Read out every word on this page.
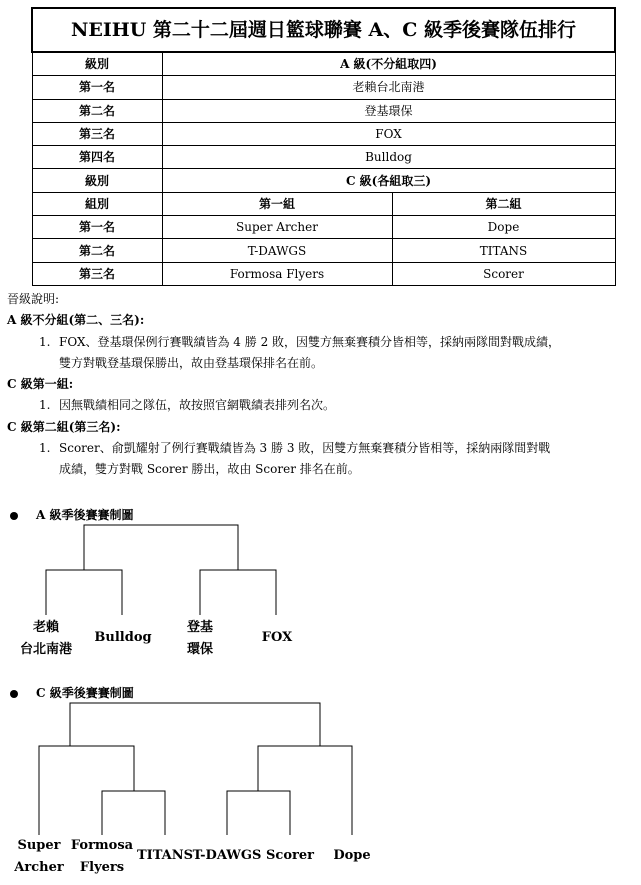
NEIHU 第二十二屆週日籃球聯賽 A、C 級季後賽隊伍排行		
級別	A 級(不分組取四)	
第一名	老賴台北南港	
第二名	登基環保	
第三名	FOX	
第四名	Bulldog	
級別	C 級(各組取三)	
組別	第一組	第二組
第一名	Super Archer	Dope
第二名	T-DAWGS	TITANS
第三名	Formosa Flyers	Scorer
晉級說明:
A 級不分組(第二、三名):
1. FOX、登基環保例行賽戰績皆為 4 勝 2 敗，因雙方無棄賽積分皆相等，採納兩隊間對戰成績，
雙方對戰登基環保勝出，故由登基環保排名在前。
C 級第一組:
1. 因無戰績相同之隊伍，故按照官網戰績表排列名次。
C 級第二組(第三名):
1. Scorer、俞凱耀射了例行賽戰績皆為 3 勝 3 敗，因雙方無棄賽積分皆相等，採納兩隊間對戰
成績，雙方對戰 Scorer 勝出，故由 Scorer 排名在前。
A 級季後賽賽制圖
老賴
台北南港
Bulldog
登基
環保
FOX
C 級季後賽賽制圖
Super
Archer
Formosa
Flyers
TITANS T-DAWGS Scorer	Dope
